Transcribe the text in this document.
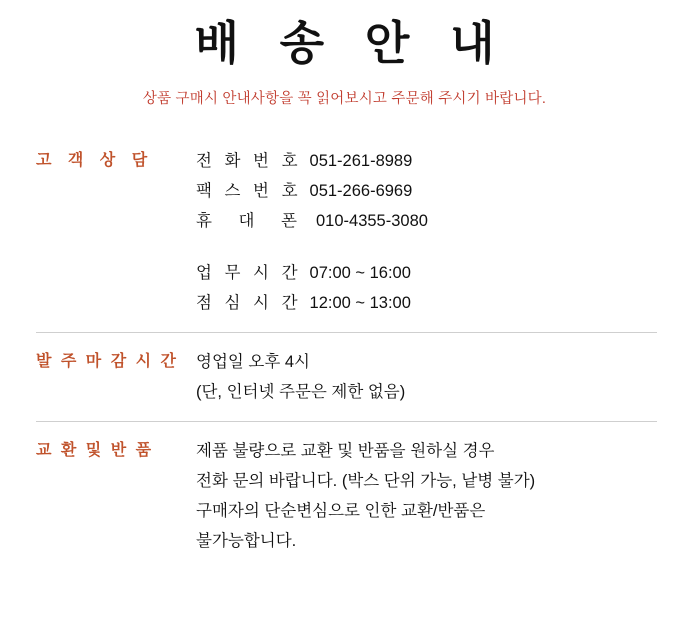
배 송 안 내
상품 구매시 안내사항을 꼭 읽어보시고 주문해 주시기 바랍니다.
고 객 상 담	전 화 번 호 051-261-8989
팩 스 번 호 051-266-6969
휴 대 폰 010-4355-3080
업 무 시 간 07:00 ~ 16:00
점 심 시 간 12:00 ~ 13:00
발 주 마 감 시 간	영업일 오후 4시
(단, 인터넷 주문은 제한 없음)
교 환 및 반 품	제품 불량으로 교환 및 반품을 원하실 경우
전화 문의 바랍니다. (박스 단위 가능, 낱병 불가)
구매자의 단순변심으로 인한 교환/반품은
불가능합니다.
